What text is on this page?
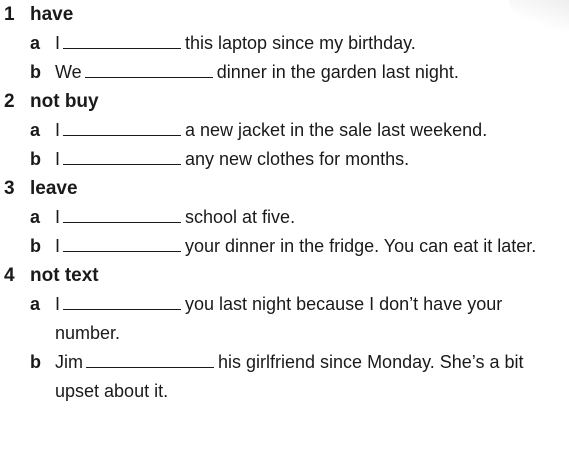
1 have
a I	this laptop since my birthday.
b We	dinner in the garden last night.
2 not buy
a I	a new jacket in the sale last weekend.
b I	any new clothes for months.
3 leave
a I	school at five.
b I	your dinner in the fridge. You can eat it later.
4 not text
a I	you last night because I don’t have your number.
b Jim	his girlfriend since Monday. She’s a bit upset about it.
